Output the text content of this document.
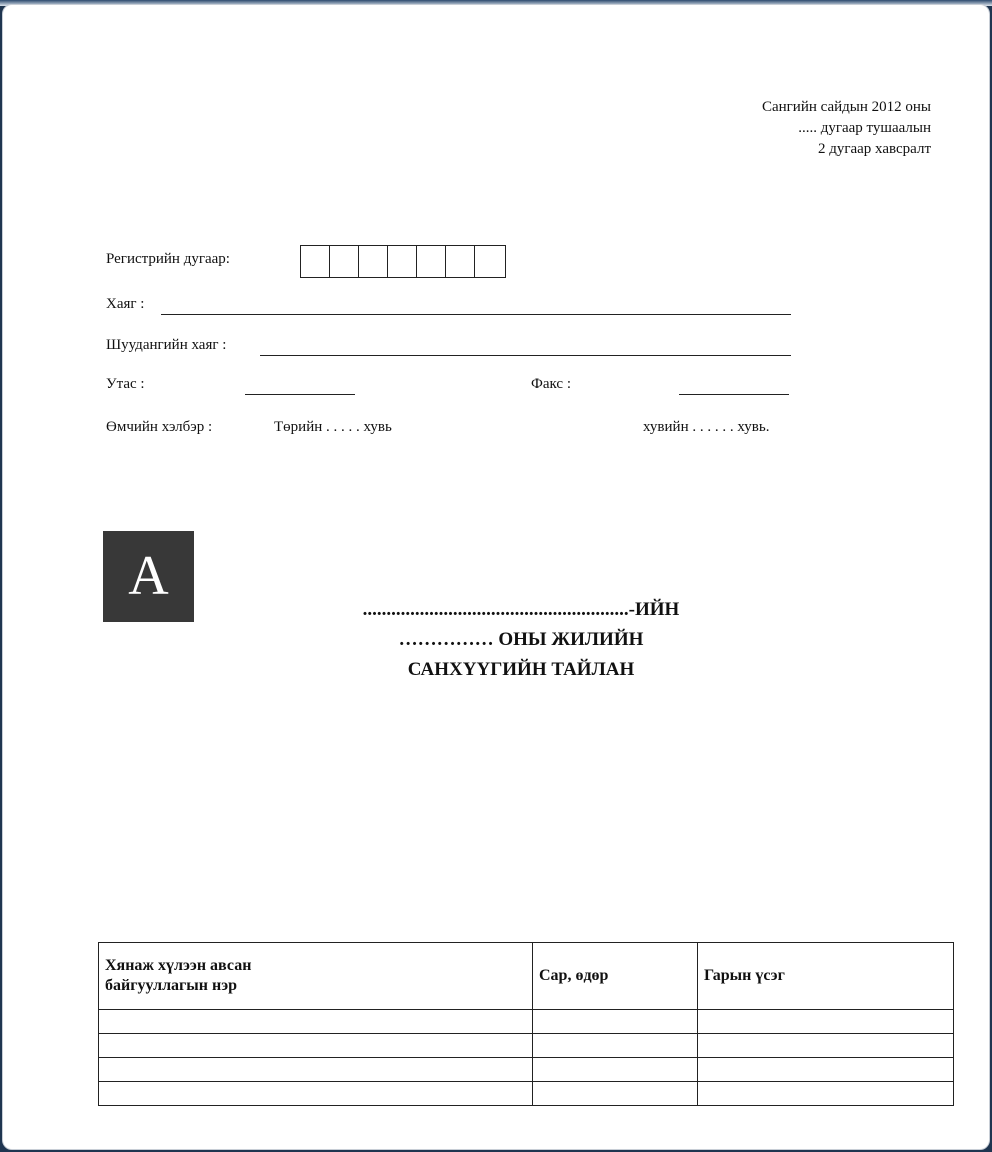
Сангийн сайдын 2012 оны
..... дугаар тушаалын
2 дугаар хавсралт
Регистрийн дугаар:
Хаяг :
Шуудангийн хаяг :
Утас :	Факс :
Өмчийн хэлбэр :	Төрийн . . . . . хувь	хувийн . . . . . . хувь.
A
........................................................-ИЙН
…………… ОНЫ ЖИЛИЙН
САНХҮҮГИЙН ТАЙЛАН
Хянаж хүлээн авсан
байгууллагын нэр	Сар, өдөр	Гарын үсэг
